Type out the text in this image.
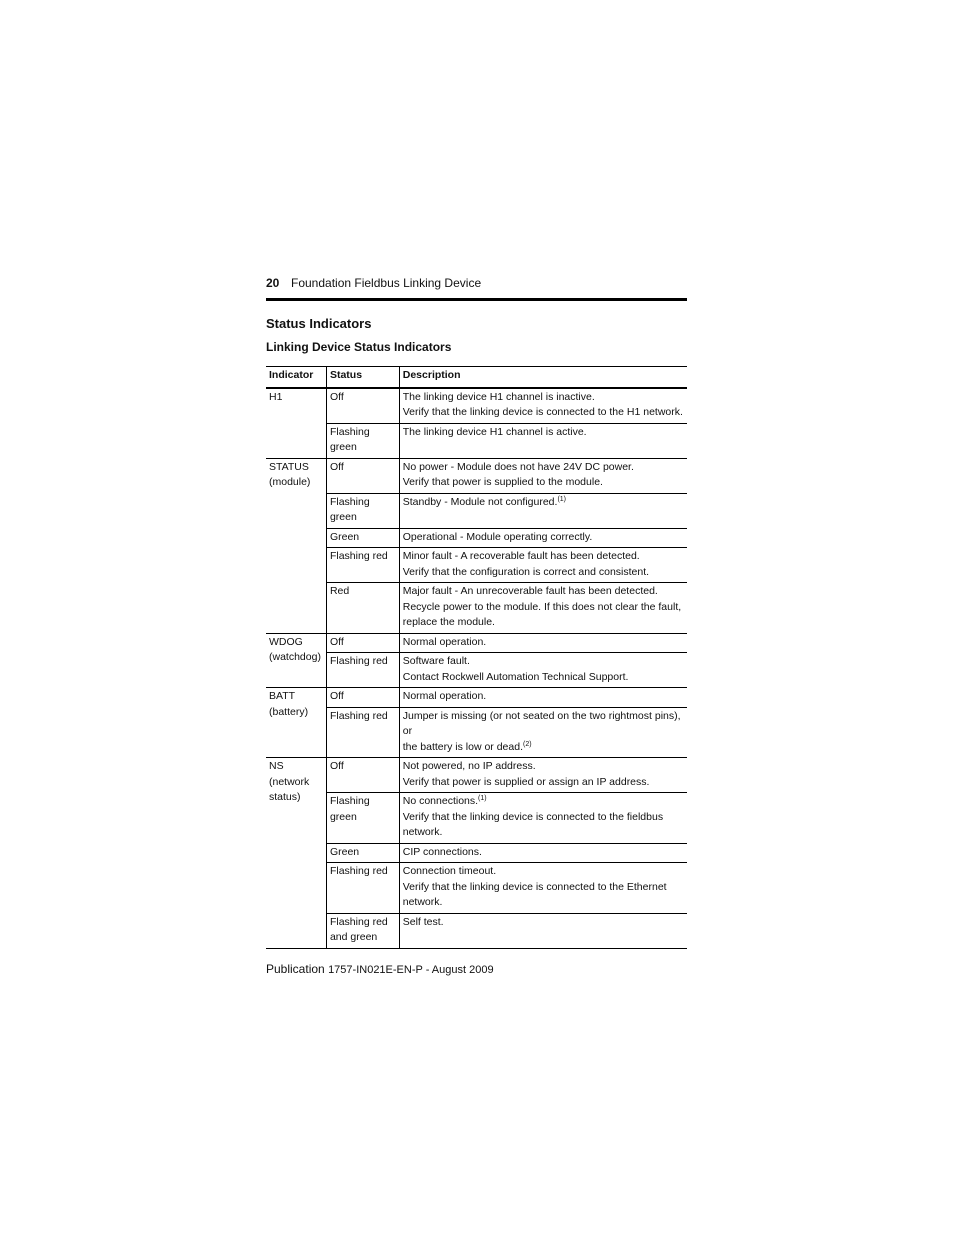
20 Foundation Fieldbus Linking Device
Status Indicators
Linking Device Status Indicators
Indicator	Status	Description

H1	Off	The linking device H1 channel is inactive.
Verify that the linking device is connected to the H1 network.

	Flashing green	The linking device H1 channel is active.

STATUS
(module)	Off	No power - Module does not have 24V DC power.
Verify that power is supplied to the module.

	Flashing green	Standby - Module not configured.$^{(1)}$

	Green	Operational - Module operating correctly.

	Flashing red	Minor fault - A recoverable fault has been detected.
Verify that the configuration is correct and consistent.

	Red	Major fault - An unrecoverable fault has been detected.
Recycle power to the module. If this does not clear the fault,
replace the module.

WDOG
(watchdog)	Off	Normal operation.

	Flashing red	Software fault.
Contact Rockwell Automation Technical Support.

BATT
(battery)	Off	Normal operation.

	Flashing red	Jumper is missing (or not seated on the two rightmost pins), or
the battery is low or dead.$^{(2)}$

NS
(network
status)	Off	Not powered, no IP address.
Verify that power is supplied or assign an IP address.

	Flashing green	No connections.$^{(1)}$
Verify that the linking device is connected to the fieldbus
network.

	Green	CIP connections.

	Flashing red	Connection timeout.
Verify that the linking device is connected to the Ethernet
network.

	Flashing red
and green	Self test.
Publication 1757-IN021E-EN-P - August 2009
